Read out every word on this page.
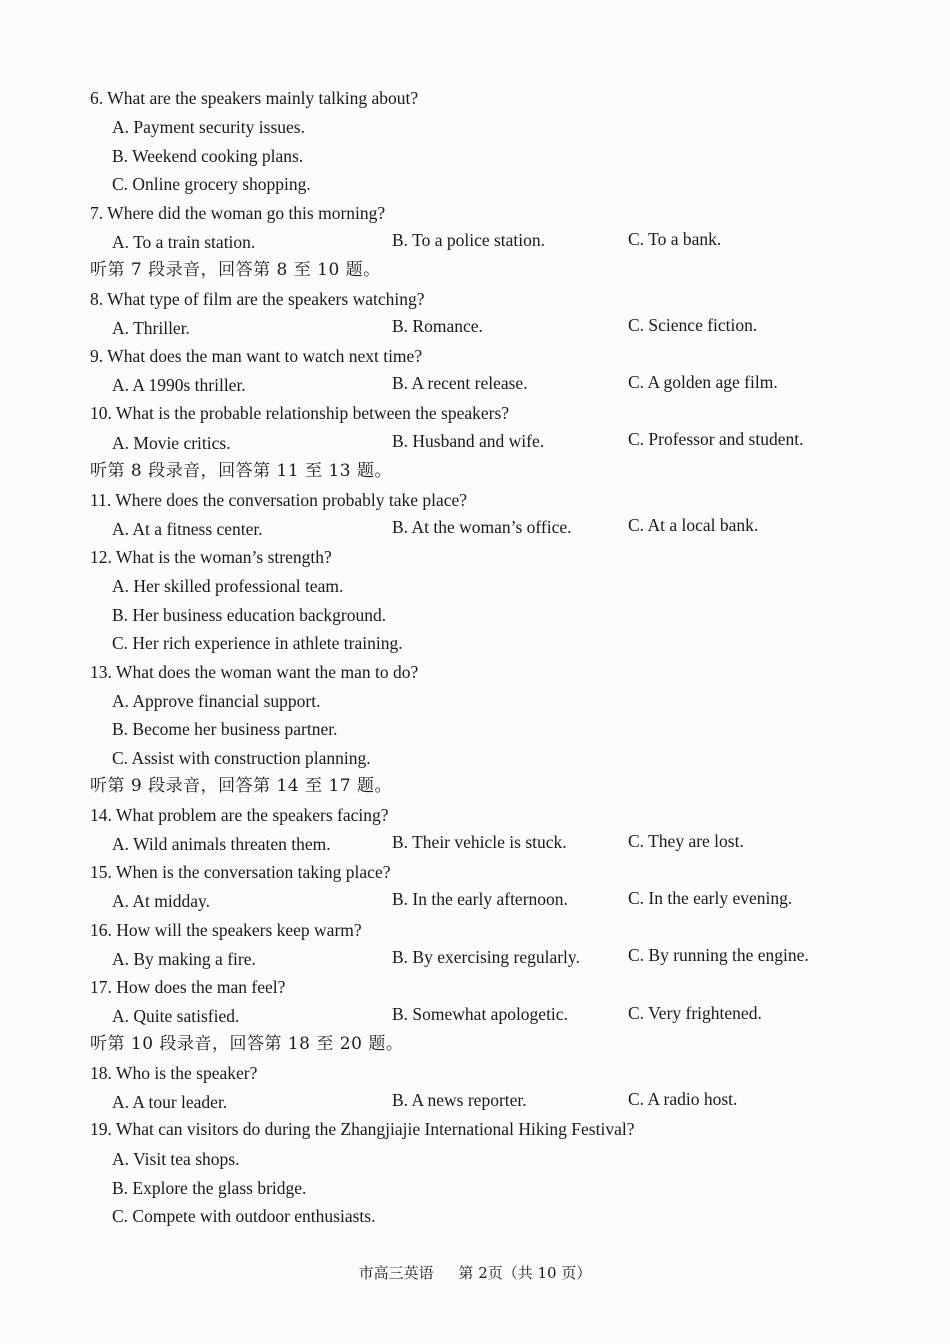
6. What are the speakers mainly talking about?
A. Payment security issues.
B. Weekend cooking plans.
C. Online grocery shopping.
7. Where did the woman go this morning?
A. To a train station.	B. To a police station.	C. To a bank.
听第 7 段录音，回答第 8 至 10 题。
8. What type of film are the speakers watching?
A. Thriller.	B. Romance.	C. Science fiction.
9. What does the man want to watch next time?
A. A 1990s thriller.	B. A recent release.	C. A golden age film.
10. What is the probable relationship between the speakers?
A. Movie critics.	B. Husband and wife.	C. Professor and student.
听第 8 段录音，回答第 11 至 13 题。
11. Where does the conversation probably take place?
A. At a fitness center.	B. At the woman’s office.	C. At a local bank.
12. What is the woman’s strength?
A. Her skilled professional team.
B. Her business education background.
C. Her rich experience in athlete training.
13. What does the woman want the man to do?
A. Approve financial support.
B. Become her business partner.
C. Assist with construction planning.
听第 9 段录音，回答第 14 至 17 题。
14. What problem are the speakers facing?
A. Wild animals threaten them.	B. Their vehicle is stuck.	C. They are lost.
15. When is the conversation taking place?
A. At midday.	B. In the early afternoon.	C. In the early evening.
16. How will the speakers keep warm?
A. By making a fire.	B. By exercising regularly.	C. By running the engine.
17. How does the man feel?
A. Quite satisfied.	B. Somewhat apologetic.	C. Very frightened.
听第 10 段录音，回答第 18 至 20 题。
18. Who is the speaker?
A. A tour leader.	B. A news reporter.	C. A radio host.
19. What can visitors do during the Zhangjiajie International Hiking Festival?
A. Visit tea shops.
B. Explore the glass bridge.
C. Compete with outdoor enthusiasts.
市高三英语 第 2页（共 10 页）
